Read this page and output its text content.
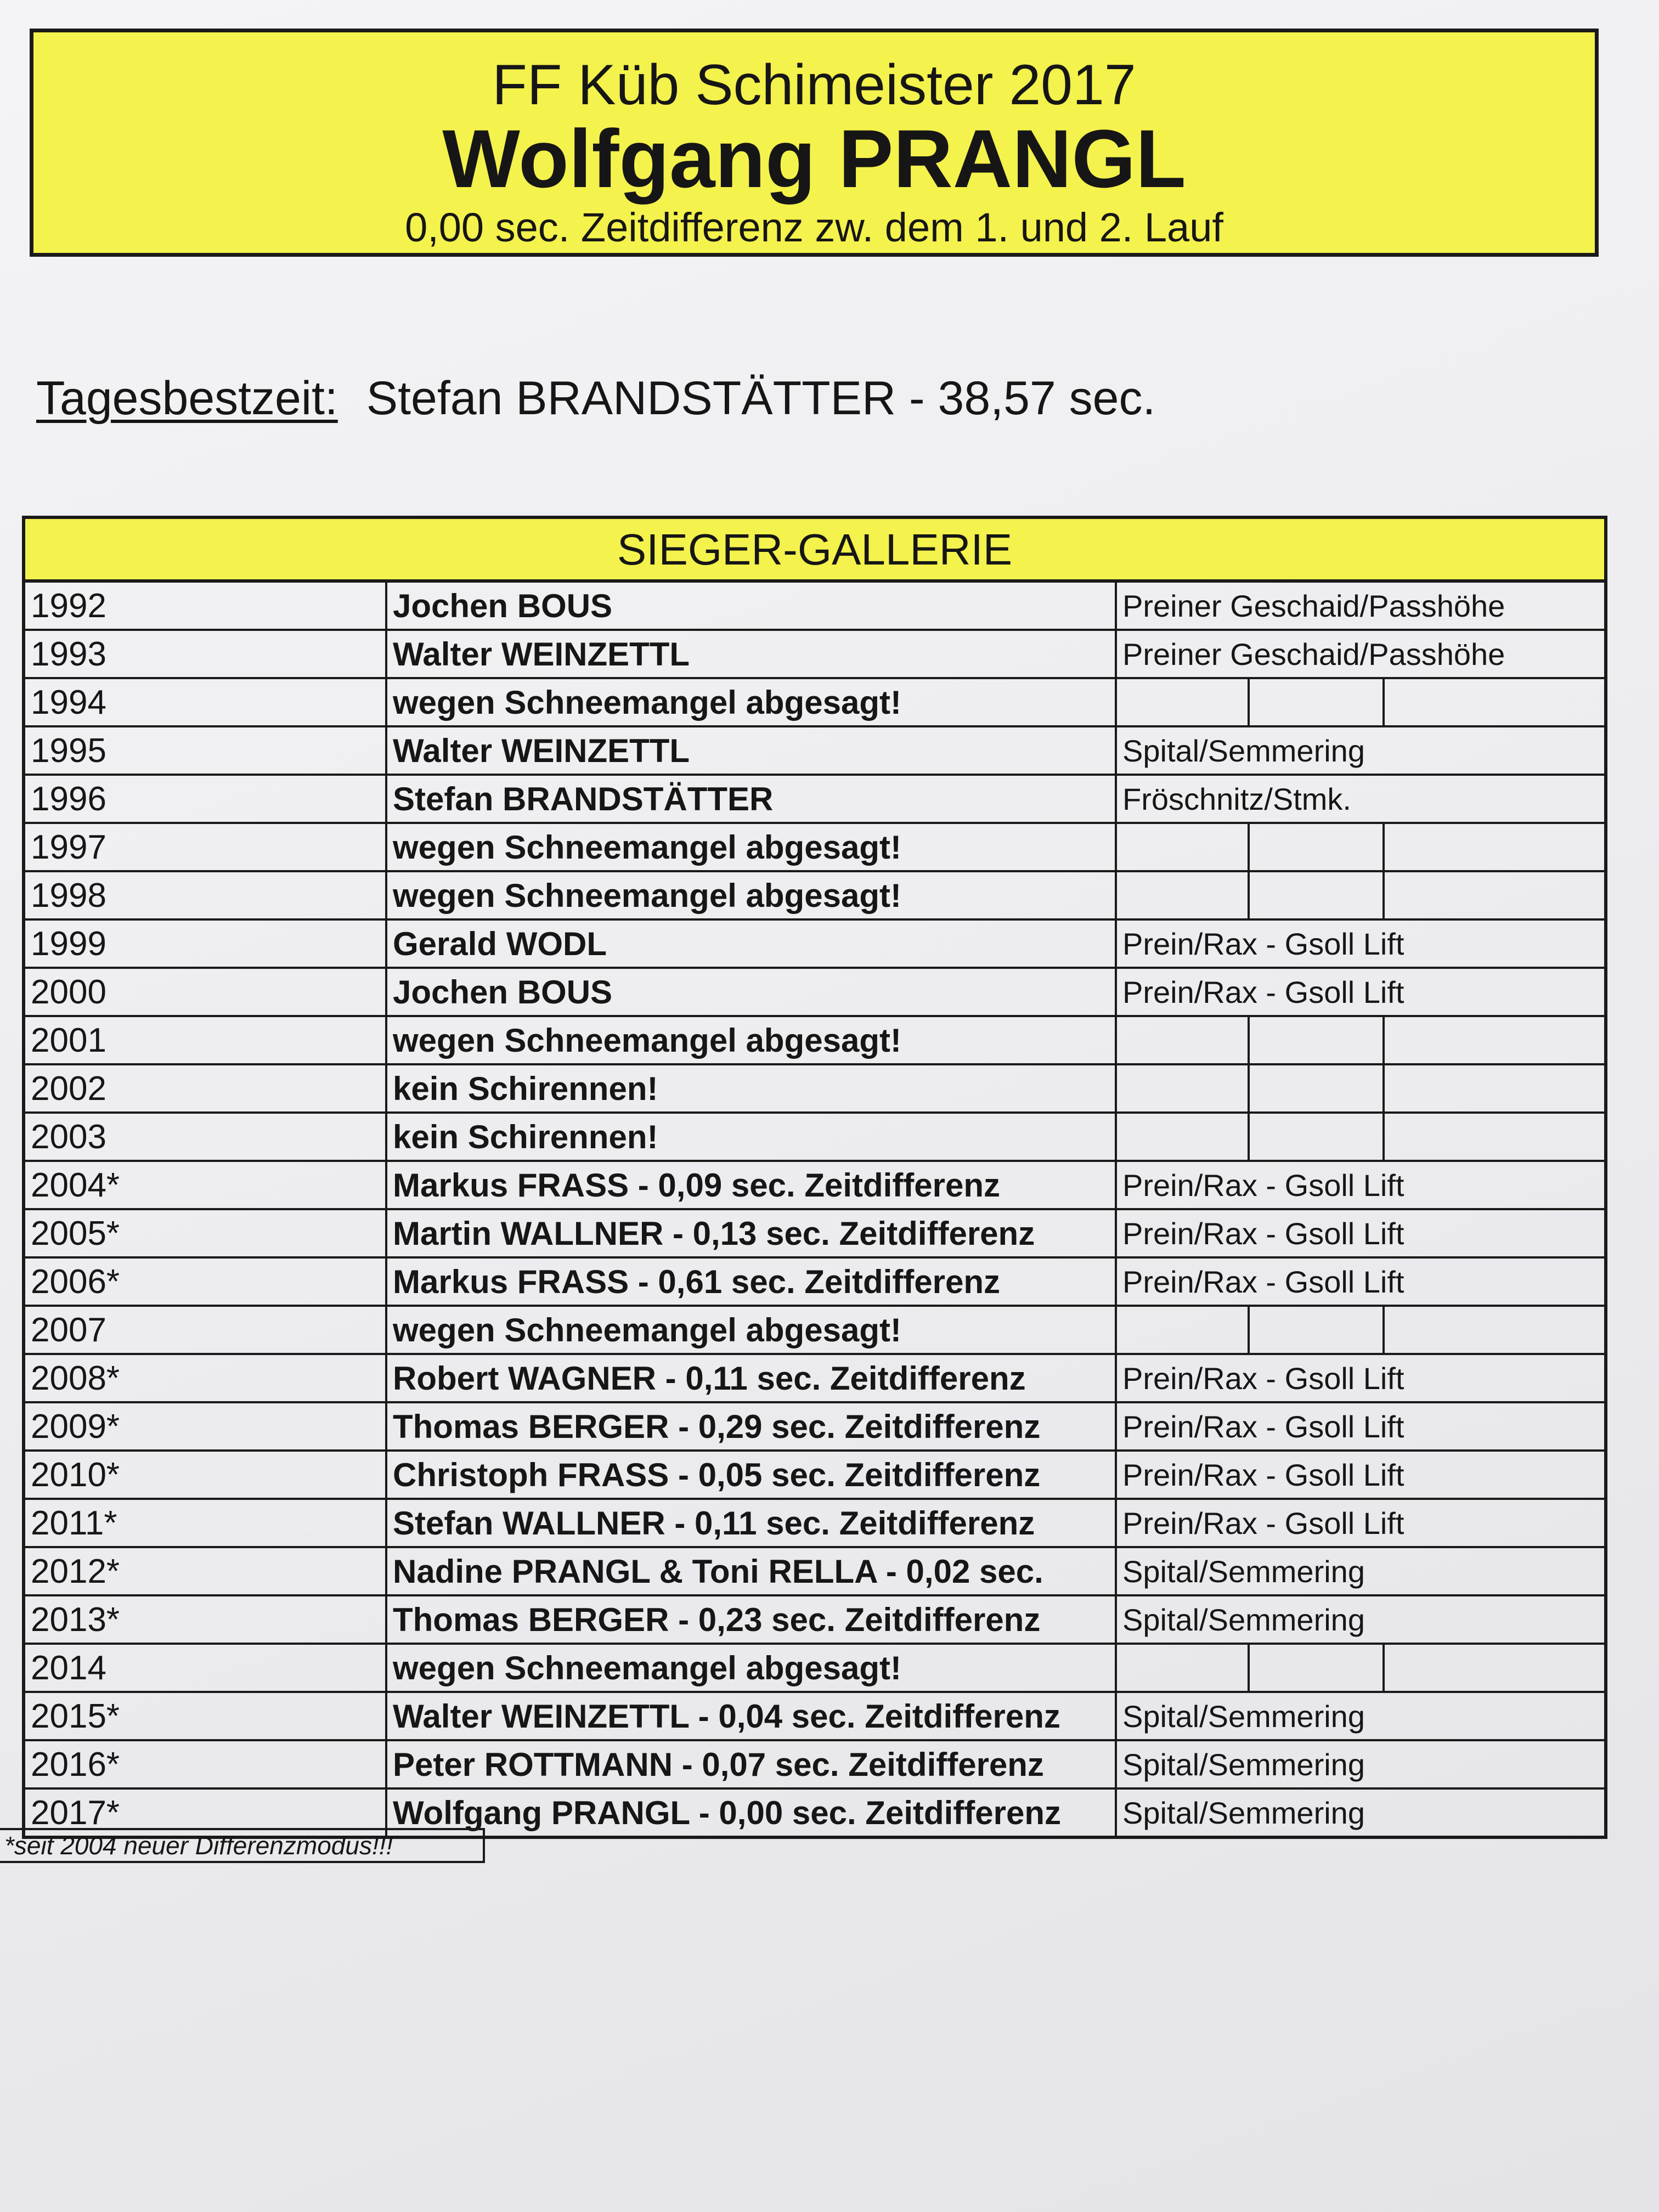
FF Küb Schimeister 2017
Wolfgang PRANGL
0,00 sec. Zeitdifferenz zw. dem 1. und 2. Lauf
Tagesbestzeit: Stefan BRANDSTÄTTER - 38,57 sec.
SIEGER-GALLERIE
1992	Jochen BOUS	Preiner Geschaid/Passhöhe		
1993	Walter WEINZETTL	Preiner Geschaid/Passhöhe		
1994	wegen Schneemangel abgesagt!			
1995	Walter WEINZETTL	Spital/Semmering		
1996	Stefan BRANDSTÄTTER	Fröschnitz/Stmk.		
1997	wegen Schneemangel abgesagt!			
1998	wegen Schneemangel abgesagt!			
1999	Gerald WODL	Prein/Rax - Gsoll Lift		
2000	Jochen BOUS	Prein/Rax - Gsoll Lift		
2001	wegen Schneemangel abgesagt!			
2002	kein Schirennen!			
2003	kein Schirennen!			
2004*	Markus FRASS - 0,09 sec. Zeitdifferenz	Prein/Rax - Gsoll Lift		
2005*	Martin WALLNER - 0,13 sec. Zeitdifferenz	Prein/Rax - Gsoll Lift		
2006*	Markus FRASS - 0,61 sec. Zeitdifferenz	Prein/Rax - Gsoll Lift		
2007	wegen Schneemangel abgesagt!			
2008*	Robert WAGNER - 0,11 sec. Zeitdifferenz	Prein/Rax - Gsoll Lift		
2009*	Thomas BERGER - 0,29 sec. Zeitdifferenz	Prein/Rax - Gsoll Lift		
2010*	Christoph FRASS - 0,05 sec. Zeitdifferenz	Prein/Rax - Gsoll Lift		
2011*	Stefan WALLNER - 0,11 sec. Zeitdifferenz	Prein/Rax - Gsoll Lift		
2012*	Nadine PRANGL & Toni RELLA - 0,02 sec.	Spital/Semmering		
2013*	Thomas BERGER - 0,23 sec. Zeitdifferenz	Spital/Semmering		
2014	wegen Schneemangel abgesagt!			
2015*	Walter WEINZETTL - 0,04 sec. Zeitdifferenz	Spital/Semmering		
2016*	Peter ROTTMANN - 0,07 sec. Zeitdifferenz	Spital/Semmering		
2017*	Wolfgang PRANGL - 0,00 sec. Zeitdifferenz	Spital/Semmering		
*seit 2004 neuer Differenzmodus!!!
